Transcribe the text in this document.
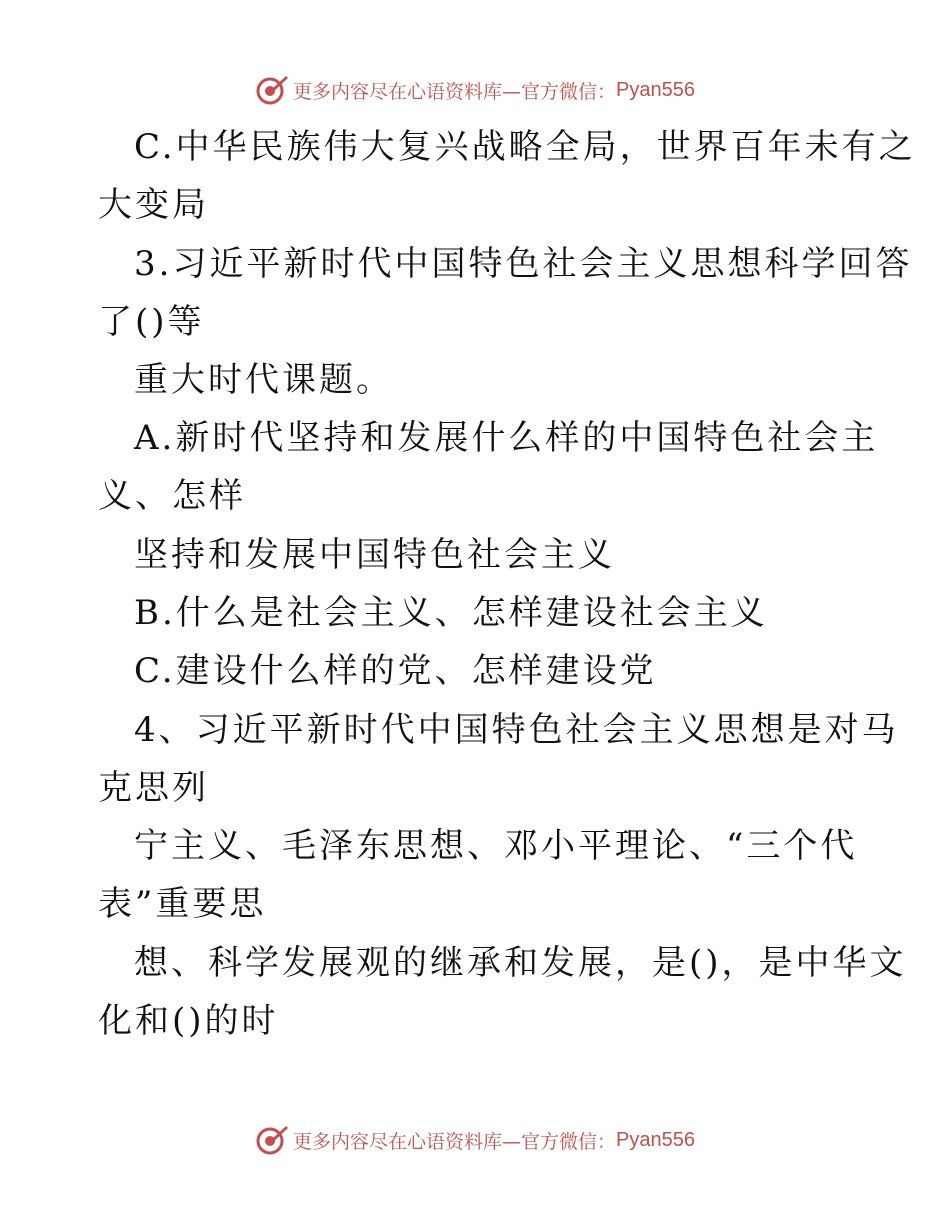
更多内容尽在心语资料库—官方微信： Pyan556
C.中华民族伟大复兴战略全局，世界百年未有之
大变局
3.习近平新时代中国特色社会主义思想科学回答
了()等
重大时代课题。
A.新时代坚持和发展什么样的中国特色社会主
义、怎样
坚持和发展中国特色社会主义
B.什么是社会主义、怎样建设社会主义
C.建设什么样的党、怎样建设党
4、习近平新时代中国特色社会主义思想是对马
克思列
宁主义、毛泽东思想、邓小平理论、“三个代
表”重要思
想、科学发展观的继承和发展，是()，是中华文
化和()的时
更多内容尽在心语资料库—官方微信： Pyan556
